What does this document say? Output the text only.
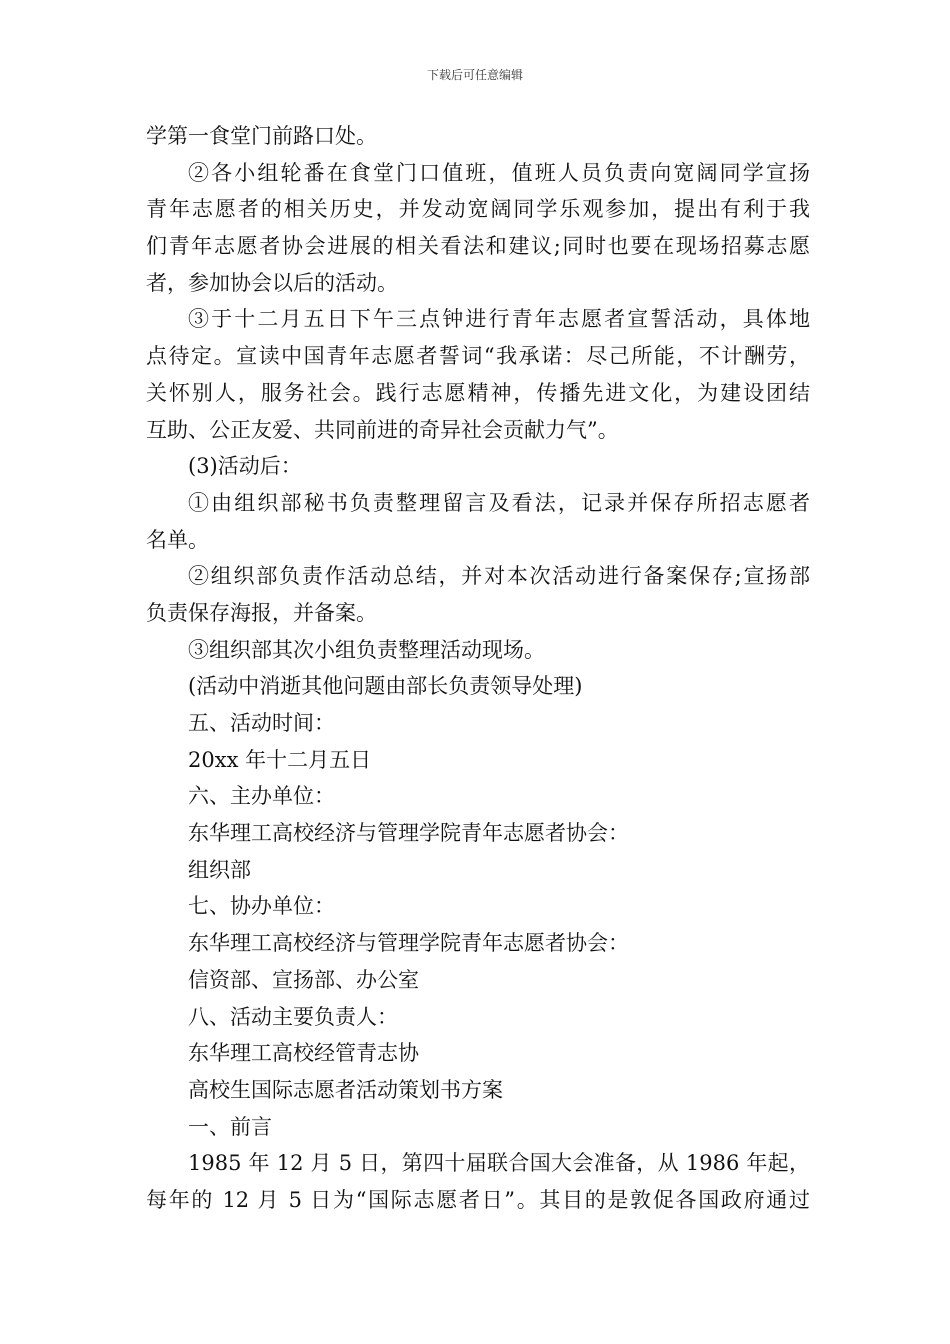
下载后可任意编辑
学第一食堂门前路口处。
②各小组轮番在食堂门口值班，值班人员负责向宽阔同学宣扬
青年志愿者的相关历史，并发动宽阔同学乐观参加，提出有利于我
们青年志愿者协会进展的相关看法和建议;同时也要在现场招募志愿
者，参加协会以后的活动。
③于十二月五日下午三点钟进行青年志愿者宣誓活动，具体地
点待定。宣读中国青年志愿者誓词“我承诺：尽己所能，不计酬劳，
关怀别人，服务社会。践行志愿精神，传播先进文化，为建设团结
互助、公正友爱、共同前进的奇异社会贡献力气”。
(3)活动后：
①由组织部秘书负责整理留言及看法，记录并保存所招志愿者
名单。
②组织部负责作活动总结，并对本次活动进行备案保存;宣扬部
负责保存海报，并备案。
③组织部其次小组负责整理活动现场。
(活动中消逝其他问题由部长负责领导处理)
五、活动时间：
20xx 年十二月五日
六、主办单位：
东华理工高校经济与管理学院青年志愿者协会：
组织部
七、协办单位：
东华理工高校经济与管理学院青年志愿者协会：
信资部、宣扬部、办公室
八、活动主要负责人：
东华理工高校经管青志协
高校生国际志愿者活动策划书方案
一、前言
1985 年 12 月 5 日，第四十届联合国大会准备，从 1986 年起，
每年的 12 月 5 日为“国际志愿者日”。其目的是敦促各国政府通过
